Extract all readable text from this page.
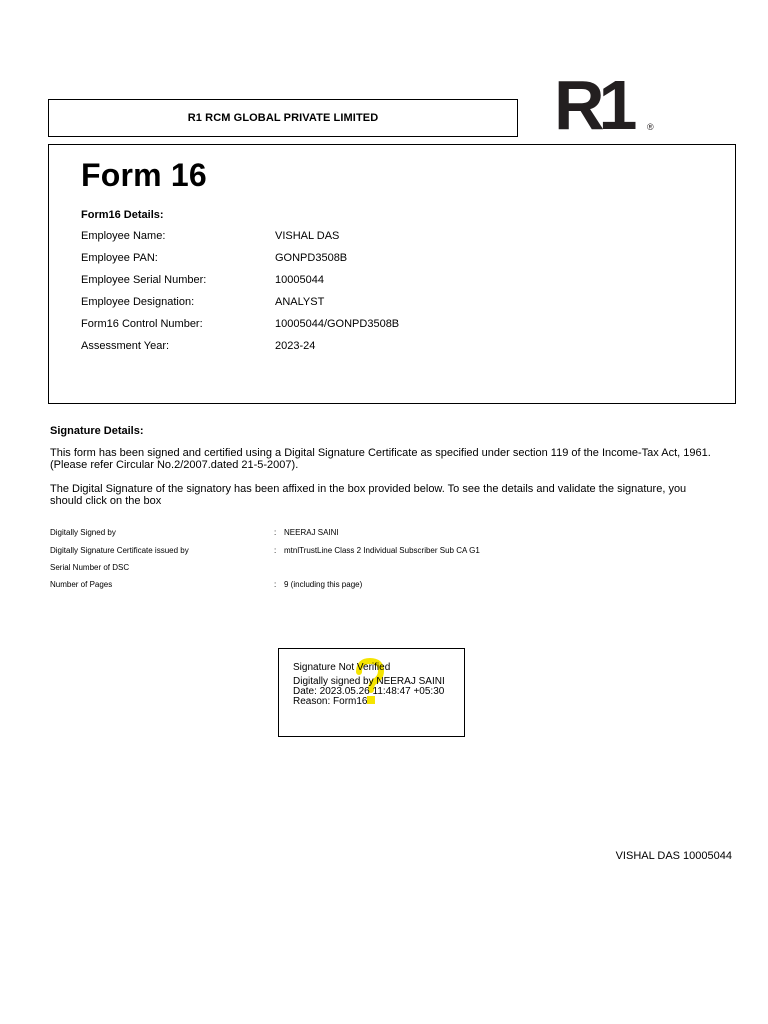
R1 RCM GLOBAL PRIVATE LIMITED	R1	®
Form 16
Form16 Details:
Employee Name:	VISHAL DAS
Employee PAN:	GONPD3508B
Employee Serial Number:	10005044
Employee Designation:	ANALYST
Form16 Control Number:	10005044/GONPD3508B
Assessment Year:	2023-24
Signature Details:
This form has been signed and certified using a Digital Signature Certificate as specified under section 119 of the Income-Tax Act, 1961. (Please refer Circular No.2/2007.dated 21-5-2007).
The Digital Signature of the signatory has been affixed in the box provided below. To see the details and validate the signature, you should click on the box
Digitally Signed by	: NEERAJ SAINI
Digitally Signature Certificate issued by	: mtnlTrustLine Class 2 Individual Subscriber Sub CA G1
Serial Number of DSC
Number of Pages	: 9 (including this page)
Signature Not Verified
Digitally signed by NEERAJ SAINI
Date: 2023.05.26 11:48:47 +05:30
Reason: Form16
VISHAL DAS 10005044
